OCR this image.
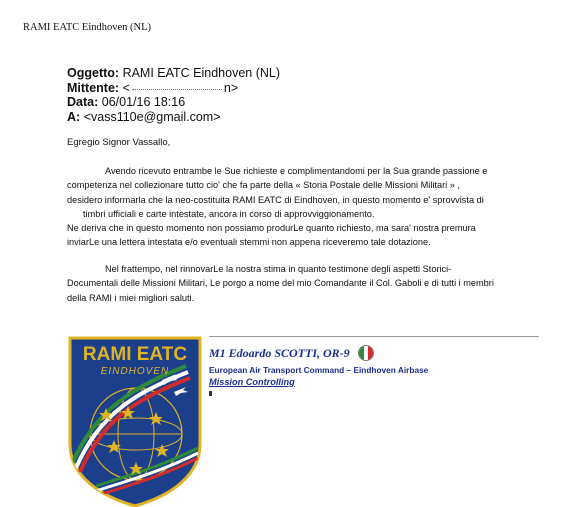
RAMI EATC Eindhoven (NL)
Oggetto: RAMI EATC Eindhoven (NL)
Mittente: <	n>
Data: 06/01/16 18:16
A: <vass110e@gmail.com>
Egregio Signor Vassallo,
Avendo ricevuto entrambe le Sue richieste e complimentandomi per la Sua grande passione e
competenza nel collezionare tutto cio' che fa parte della « Storia Postale delle Missioni Militari » ,
desidero informarla che la neo-costituita RAMI EATC di Eindhoven, in questo momento e' sprovvista di
timbri ufficiali e carte intestate, ancora in corso di approvviggionamento.
Ne deriva che in questo momento non possiamo produrLe quanto richiesto, ma sara' nostra premura
inviarLe una lettera intestata e/o eventuali stemmi non appena riceveremo tale dotazione.
Nel frattempo, nel rinnovarLe la nostra stima in quanto testimone degli aspetti Storici-
Documentali delle Missioni Militari, Le porgo a nome del mio Comandante il Col. Gaboli e di tutti i membri
della RAMI i miei migliori saluti.
RAMI EATC
EINDHOVEN
M1 Edoardo SCOTTI, OR-9
European Air Transport Command – Eindhoven Airbase
Mission Controlling
